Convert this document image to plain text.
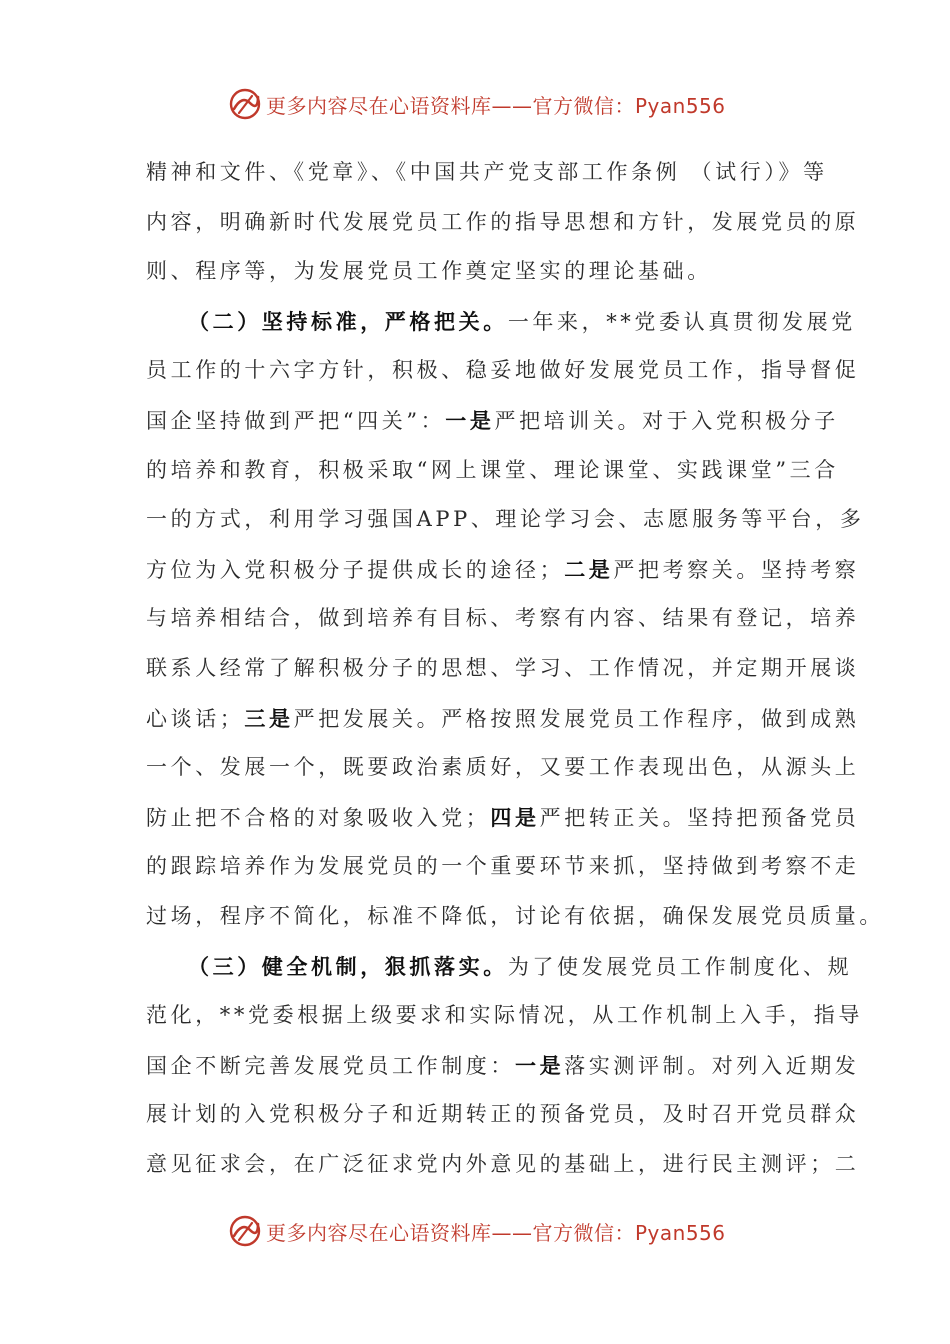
更多内容尽在心语资料库——官方微信：Pyan556
精神和文件、《党章》、《中国共产党支部工作条例 （试行）》等
内容，明确新时代发展党员工作的指导思想和方针，发展党员的原
则、程序等，为发展党员工作奠定坚实的理论基础。
（二）坚持标准，严格把关。一年来，**党委认真贯彻发展党
员工作的十六字方针，积极、稳妥地做好发展党员工作，指导督促
国企坚持做到严把“四关”：一是严把培训关。对于入党积极分子
的培养和教育，积极采取“网上课堂、理论课堂、实践课堂”三合
一的方式，利用学习强国APP、理论学习会、志愿服务等平台，多
方位为入党积极分子提供成长的途径；二是严把考察关。坚持考察
与培养相结合，做到培养有目标、考察有内容、结果有登记，培养
联系人经常了解积极分子的思想、学习、工作情况，并定期开展谈
心谈话；三是严把发展关。严格按照发展党员工作程序，做到成熟
一个、发展一个，既要政治素质好，又要工作表现出色，从源头上
防止把不合格的对象吸收入党；四是严把转正关。坚持把预备党员
的跟踪培养作为发展党员的一个重要环节来抓，坚持做到考察不走
过场，程序不简化，标准不降低，讨论有依据，确保发展党员质量。
（三）健全机制，狠抓落实。为了使发展党员工作制度化、规
范化，**党委根据上级要求和实际情况，从工作机制上入手，指导
国企不断完善发展党员工作制度：一是落实测评制。对列入近期发
展计划的入党积极分子和近期转正的预备党员，及时召开党员群众
意见征求会，在广泛征求党内外意见的基础上，进行民主测评；二
更多内容尽在心语资料库——官方微信：Pyan556
